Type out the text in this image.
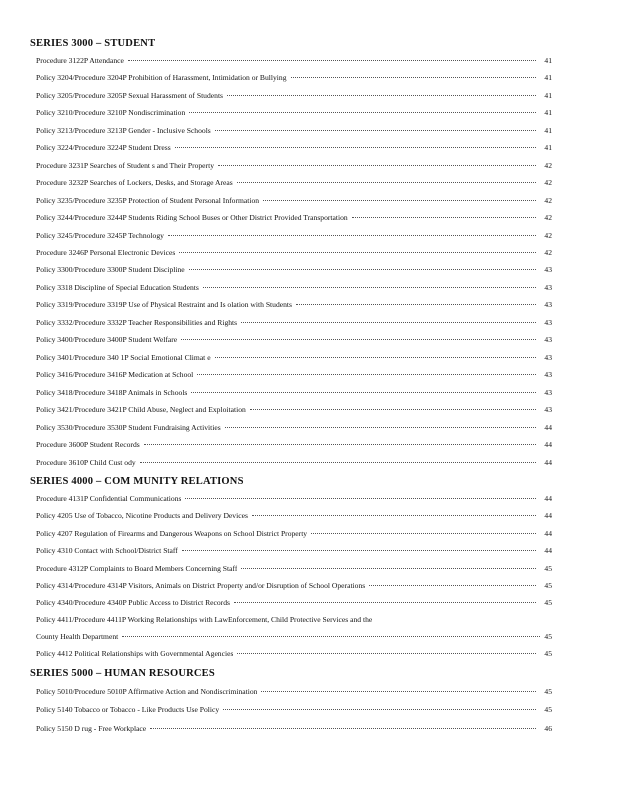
SERIES 3000 – STUDENT
Procedure 3122P Attendance	41
Policy 3204/Procedure 3204P Prohibition of Harassment, Intimidation or Bullying	41
Policy 3205/Procedure 3205P Sexual Harassment of Students	41
Policy 3210/Procedure 3210P Nondiscrimination	41
Policy 3213/Procedure 3213P Gender - Inclusive Schools	41
Policy 3224/Procedure 3224P Student Dress	41
Procedure 3231P Searches of Student s and Their Property	42
Procedure 3232P Searches of Lockers, Desks, and Storage Areas	42
Policy 3235/Procedure 3235P Protection of Student Personal Information	42
Policy 3244/Procedure 3244P Students Riding School Buses or Other District Provided Transportation	42
Policy 3245/Procedure 3245P Technology	42
Procedure 3246P Personal Electronic Devices	42
Policy 3300/Procedure 3300P Student Discipline	43
Policy 3318 Discipline of Special Education Students	43
Policy 3319/Procedure 3319P Use of Physical Restraint and Is olation with Students	43
Policy 3332/Procedure 3332P Teacher Responsibilities and Rights	43
Policy 3400/Procedure 3400P Student Welfare	43
Policy 3401/Procedure 340 1P Social Emotional Climat e	43
Policy 3416/Procedure 3416P Medication at School	43
Policy 3418/Procedure 3418P Animals in Schools	43
Policy 3421/Procedure 3421P Child Abuse, Neglect and Exploitation	43
Policy 3530/Procedure 3530P Student Fundraising Activities	44
Procedure 3600P Student Records	44
Procedure 3610P Child Cust ody	44
SERIES 4000 – COM MUNITY RELATIONS
Procedure 4131P Confidential Communications	44
Policy 4205 Use of Tobacco, Nicotine Products and Delivery Devices	44
Policy 4207 Regulation of Firearms and Dangerous Weapons on School District Property	44
Policy 4310 Contact with School/District Staff	44
Procedure 4312P Complaints to Board Members Concerning Staff	45
Policy 4314/Procedure 4314P Visitors, Animals on District Property and/or Disruption of School Operations	45
Policy 4340/Procedure 4340P Public Access to District Records	45
Policy 4411/Procedure 4411P Working Relationships with LawEnforcement, Child Protective Services and the
County Health Department	45
Policy 4412 Political Relationships with Governmental Agencies	45
SERIES 5000 – HUMAN RESOURCES
Policy 5010/Procedure 5010P Affirmative Action and Nondiscrimination	45
Policy 5140 Tobacco or Tobacco - Like Products Use Policy	45
Policy 5150 D rug - Free Workplace	46
